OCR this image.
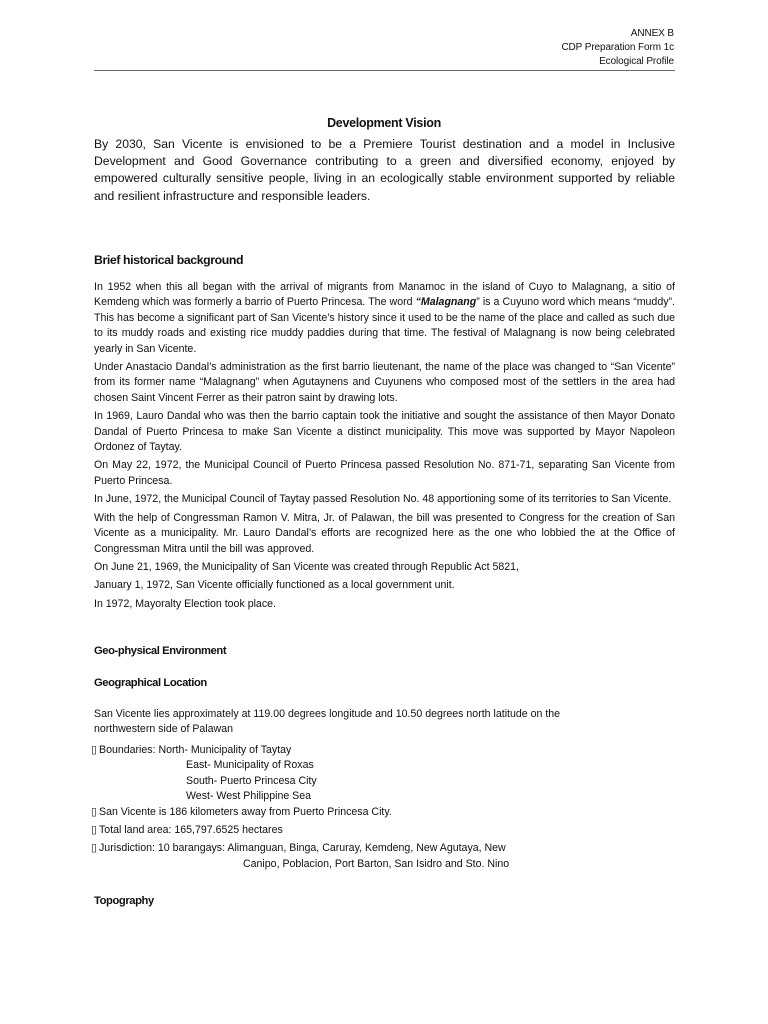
ANNEX B
CDP Preparation Form 1c
Ecological Profile
Development Vision
By 2030, San Vicente is envisioned to be a Premiere Tourist destination and a model in Inclusive Development and Good Governance contributing to a green and diversified economy, enjoyed by empowered culturally sensitive people, living in an ecologically stable environment supported by reliable and resilient infrastructure and responsible leaders.
Brief historical background

In 1952 when this all began with the arrival of migrants from Manamoc in the island of Cuyo to Malagnang, a sitio of Kemdeng which was formerly a barrio of Puerto Princesa. The word “Malagnang” is a Cuyuno word which means “muddy”. This has become a significant part of San Vicente’s history since it used to be the name of the place and called as such due to its muddy roads and existing rice muddy paddies during that time. The festival of Malagnang is now being celebrated yearly in San Vicente.

Under Anastacio Dandal’s administration as the first barrio lieutenant, the name of the place was changed to “San Vicente” from its former name “Malagnang” when Agutaynens and Cuyunens who composed most of the settlers in the area had chosen Saint Vincent Ferrer as their patron saint by drawing lots.

In 1969, Lauro Dandal who was then the barrio captain took the initiative and sought the assistance of then Mayor Donato Dandal of Puerto Princesa to make San Vicente a distinct municipality. This move was supported by Mayor Napoleon Ordonez of Taytay.

On May 22, 1972, the Municipal Council of Puerto Princesa passed Resolution No. 871-71, separating San Vicente from Puerto Princesa.

In June, 1972, the Municipal Council of Taytay passed Resolution No. 48 apportioning some of its territories to San Vicente.

With the help of Congressman Ramon V. Mitra, Jr. of Palawan, the bill was presented to Congress for the creation of San Vicente as a municipality. Mr. Lauro Dandal’s efforts are recognized here as the one who lobbied the at the Office of Congressman Mitra until the bill was approved.

On June 21, 1969, the Municipality of San Vicente was created through Republic Act 5821,

January 1, 1972, San Vicente officially functioned as a local government unit.

In 1972, Mayoralty Election took place.

Geo-physical Environment
Geographical Location
San Vicente lies approximately at 119.00 degrees longitude and 10.50 degrees north latitude on the
northwestern side of Palawan
▯ Boundaries: North- Municipality of Taytay
East- Municipality of Roxas
South- Puerto Princesa City
West- West Philippine Sea
▯ San Vicente is 186 kilometers away from Puerto Princesa City.
▯ Total land area: 165,797.6525 hectares
▯ Jurisdiction: 10 barangays: Alimanguan, Binga, Caruray, Kemdeng, New Agutaya, New
Canipo, Poblacion, Port Barton, San Isidro and Sto. Nino
Topography
